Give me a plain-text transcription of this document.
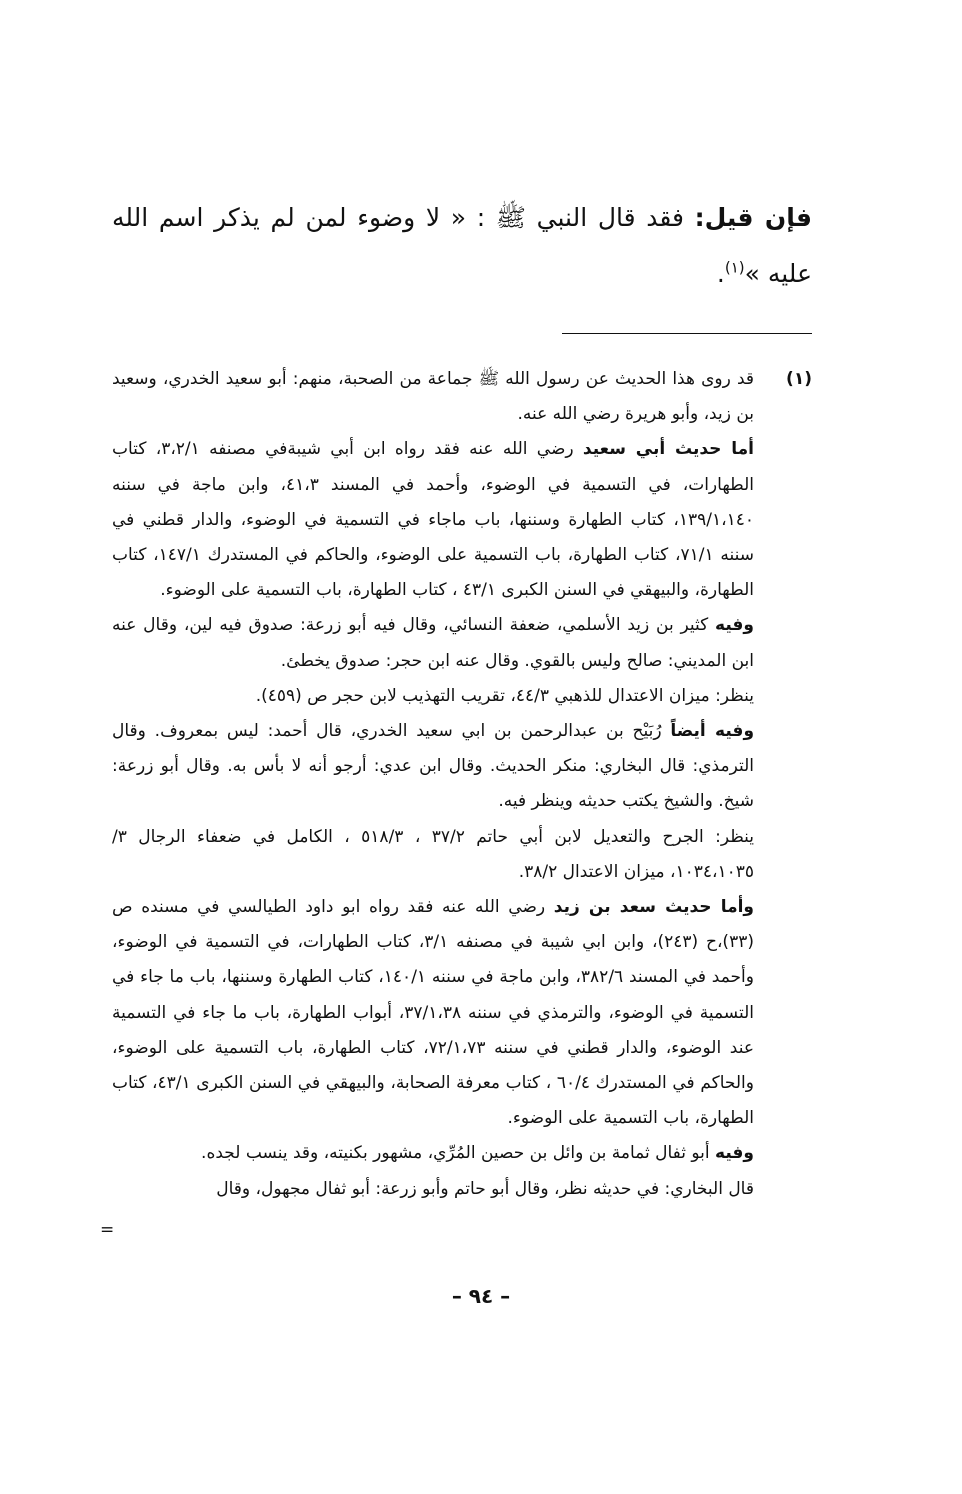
فإن قيل: فقد قال النبي ﷺ : « لا وضوء لمن لم يذكر اسم الله عليه »$^{(١)}$.
(١)

قد روى هذا الحديث عن رسول الله ﷺ جماعة من الصحبة، منهم: أبو سعيد الخدري، وسعيد بن زيد، وأبو هريرة رضي الله عنه.

أما حديث أبي سعيد رضي الله عنه فقد رواه ابن أبي شيبةفي مصنفه ٣،٢/١، كتاب الطهارات، في التسمية في الوضوء، وأحمد في المسند ٤١،٣، وابن ماجة في سننه ١٣٩/١،١٤٠، كتاب الطهارة وسننها، باب ماجاء في التسمية في الوضوء، والدار قطني في سننه ٧١/١، كتاب الطهارة، باب التسمية على الوضوء، والحاكم في المستدرك ١٤٧/١، كتاب الطهارة، والبيهقي في السنن الكبرى ٤٣/١ ، كتاب الطهارة، باب التسمية على الوضوء.

وفيه كثير بن زيد الأسلمي، ضعفة النسائي، وقال فيه أبو زرعة: صدوق فيه لين، وقال عنه ابن المديني: صالح وليس بالقوي. وقال عنه ابن حجر: صدوق يخطئ.

ينظر: ميزان الاعتدال للذهبي ٤٤/٣، تقريب التهذيب لابن حجر ص (٤٥٩).

وفيه أيضاً رُبَيْح بن عبدالرحمن بن ابي سعيد الخدري، قال أحمد: ليس بمعروف. وقال الترمذي: قال البخاري: منكر الحديث. وقال ابن عدي: أرجو أنه لا بأس به. وقال أبو زرعة: شيخ. والشيخ يكتب حديثه وينظر فيه.

ينظر: الجرح والتعديل لابن أبي حاتم ٣٧/٢ ، ٥١٨/٣ ، الكامل في ضعفاء الرجال ٣/ ١٠٣٤،١٠٣٥، ميزان الاعتدال ٣٨/٢.

وأما حديث سعد بن زيد رضي الله عنه فقد رواه ابو داود الطيالسي في مسنده ص (٣٣)،ح (٢٤٣)، وابن ابي شيبة في مصنفه ٣/١، كتاب الطهارات، في التسمية في الوضوء، وأحمد في المسند ٣٨٢/٦، وابن ماجة في سننه ١٤٠/١، كتاب الطهارة وسننها، باب ما جاء في التسمية في الوضوء، والترمذي في سننه ٣٧/١،٣٨، أبواب الطهارة، باب ما جاء في التسمية عند الوضوء، والدار قطني في سننه ٧٢/١،٧٣، كتاب الطهارة، باب التسمية على الوضوء، والحاكم في المستدرك ٦٠/٤ ، كتاب معرفة الصحابة، والبيهقي في السنن الكبرى ٤٣/١، كتاب الطهارة، باب التسمية على الوضوء.

وفيه أبو ثفال ثمامة بن وائل بن حصين المُرِّي، مشهور بكنيته، وقد ينسب لجده.

قال البخاري: في حديثه نظر، وقال أبو حاتم وأبو زرعة: أبو ثفال مجهول، وقال

=
– ٩٤ –
